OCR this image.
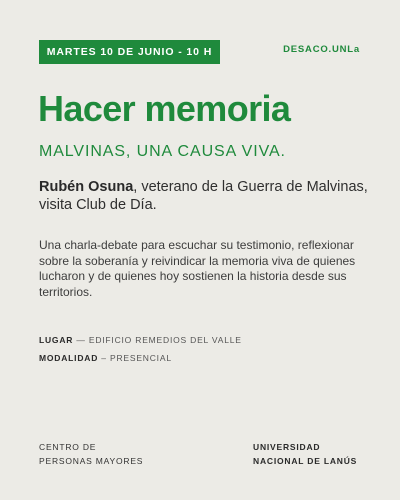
MARTES 10 DE JUNIO - 10 H	DESACO.UNLa
Hacer memoria
MALVINAS, UNA CAUSA VIVA.

Rubén Osuna, veterano de la Guerra de Malvinas, visita Club de Día.

Una charla-debate para escuchar su testimonio, reflexionar sobre la soberanía y reivindicar la memoria viva de quienes lucharon y de quienes hoy sostienen la historia desde sus territorios.

LUGAR — EDIFICIO REMEDIOS DEL VALLE
MODALIDAD – PRESENCIAL
CENTRO DE
PERSONAS MAYORES
UNIVERSIDAD
NACIONAL DE LANÚS
